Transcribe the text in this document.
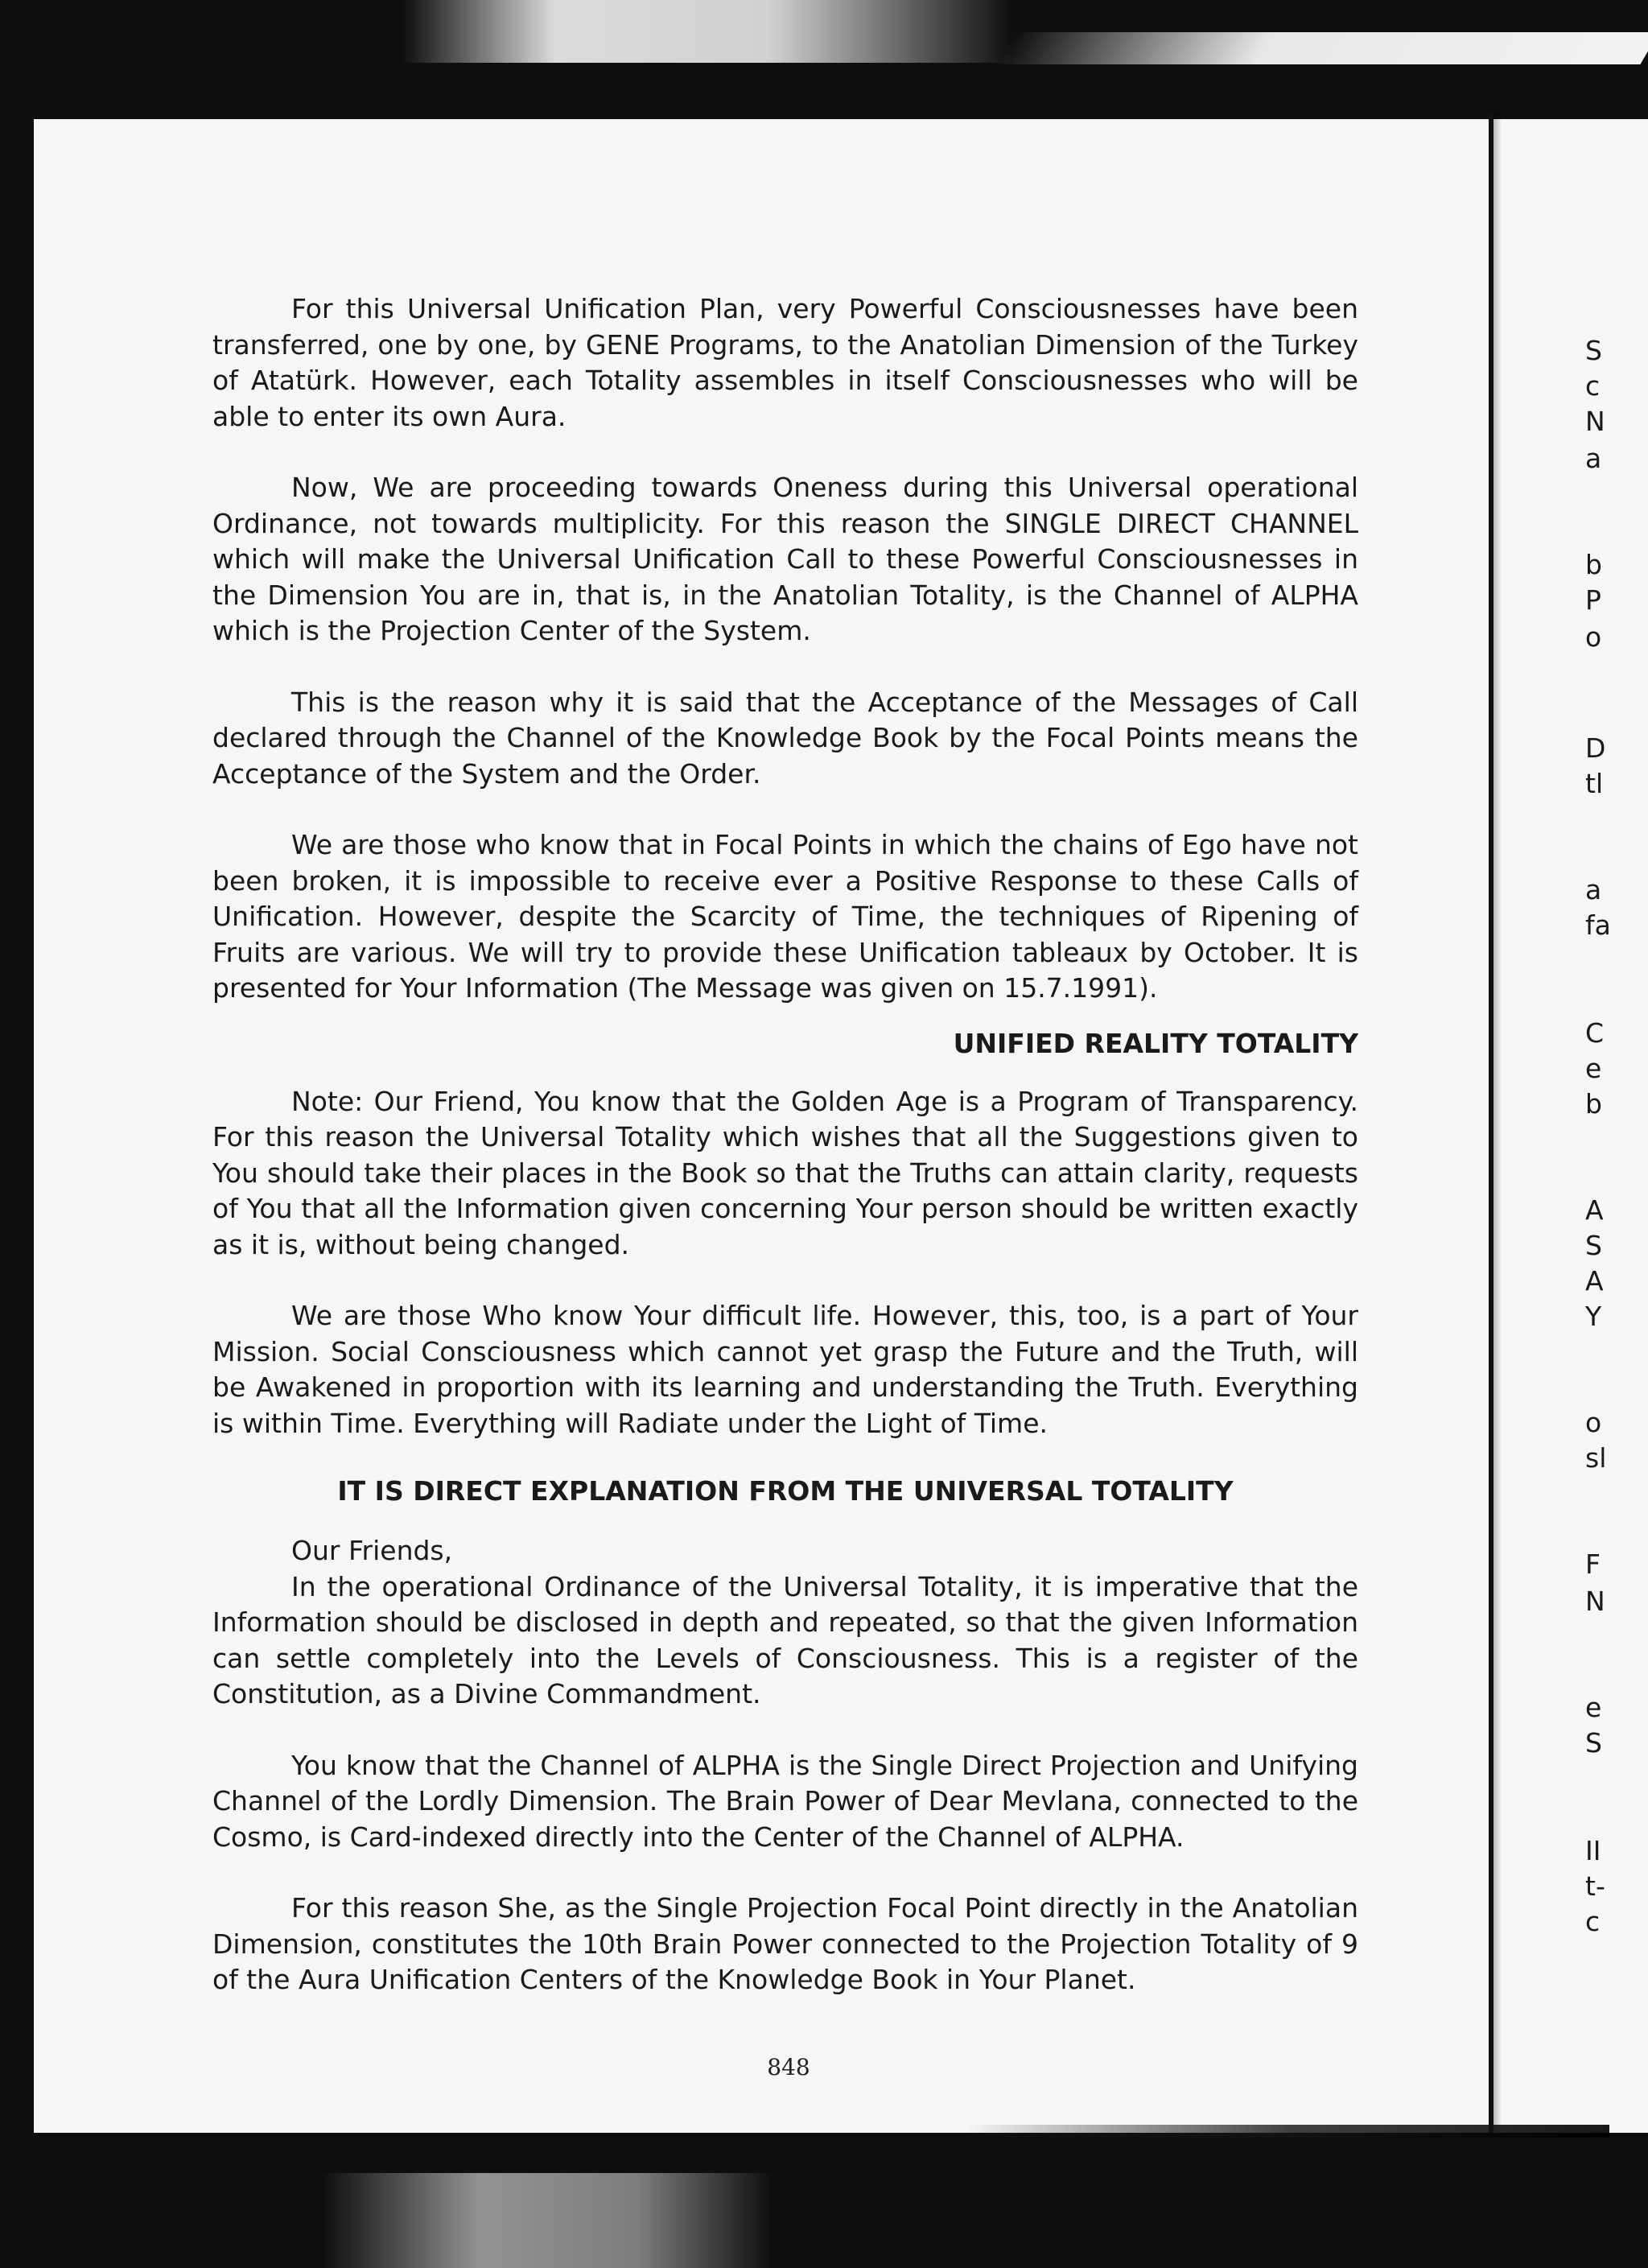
For this Universal Unification Plan, very Powerful Consciousnesses have been transferred, one by one, by GENE Programs, to the Anatolian Dimension of the Turkey of Atatürk. However, each Totality assembles in itself Consciousnesses who will be able to enter its own Aura.

Now, We are proceeding towards Oneness during this Universal operational Ordinance, not towards multiplicity. For this reason the SINGLE DIRECT CHANNEL which will make the Universal Unification Call to these Powerful Consciousnesses in the Dimension You are in, that is, in the Anatolian Totality, is the Channel of ALPHA which is the Projection Center of the System.

This is the reason why it is said that the Acceptance of the Messages of Call declared through the Channel of the Knowledge Book by the Focal Points means the Acceptance of the System and the Order.

We are those who know that in Focal Points in which the chains of Ego have not been broken, it is impossible to receive ever a Positive Response to these Calls of Unification. However, despite the Scarcity of Time, the techniques of Ripening of Fruits are various. We will try to provide these Unification tableaux by October. It is presented for Your Information (The Message was given on 15.7.1991).

UNIFIED REALITY TOTALITY

Note: Our Friend, You know that the Golden Age is a Program of Transparency. For this reason the Universal Totality which wishes that all the Suggestions given to You should take their places in the Book so that the Truths can attain clarity, requests of You that all the Information given concerning Your person should be written exactly as it is, without being changed.

We are those Who know Your difficult life. However, this, too, is a part of Your Mission. Social Consciousness which cannot yet grasp the Future and the Truth, will be Awakened in proportion with its learning and understanding the Truth. Everything is within Time. Everything will Radiate under the Light of Time.

IT IS DIRECT EXPLANATION FROM THE UNIVERSAL TOTALITY
Our Friends,

In the operational Ordinance of the Universal Totality, it is imperative that the Information should be disclosed in depth and repeated, so that the given Information can settle completely into the Levels of Consciousness. This is a register of the Constitution, as a Divine Commandment.

You know that the Channel of ALPHA is the Single Direct Projection and Unifying Channel of the Lordly Dimension. The Brain Power of Dear Mevlana, connected to the Cosmo, is Card-indexed directly into the Center of the Channel of ALPHA.

For this reason She, as the Single Projection Focal Point directly in the Anatolian Dimension, constitutes the 10th Brain Power connected to the Projection Totality of 9 of the Aura Unification Centers of the Knowledge Book in Your Planet.

848
S
c
N
a
b
P
o
D
tl
a
fa
C
e
b
A
S
A
Y
o
sl
F
N
e
S
II
t-
c
